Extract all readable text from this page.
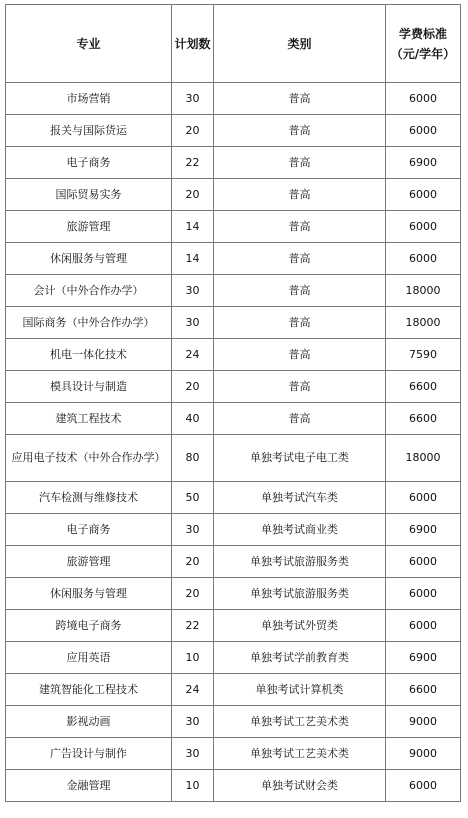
专业	计划数	类别	学费标准（元/学年）
市场营销	30	普高	6000
报关与国际货运	20	普高	6000
电子商务	22	普高	6900
国际贸易实务	20	普高	6000
旅游管理	14	普高	6000
休闲服务与管理	14	普高	6000
会计（中外合作办学）	30	普高	18000
国际商务（中外合作办学）	30	普高	18000
机电一体化技术	24	普高	7590
模具设计与制造	20	普高	6600
建筑工程技术	40	普高	6600
应用电子技术（中外合作办学）	80	单独考试电子电工类	18000
汽车检测与维修技术	50	单独考试汽车类	6000
电子商务	30	单独考试商业类	6900
旅游管理	20	单独考试旅游服务类	6000
休闲服务与管理	20	单独考试旅游服务类	6000
跨境电子商务	22	单独考试外贸类	6000
应用英语	10	单独考试学前教育类	6900
建筑智能化工程技术	24	单独考试计算机类	6600
影视动画	30	单独考试工艺美术类	9000
广告设计与制作	30	单独考试工艺美术类	9000
金融管理	10	单独考试财会类	6000
